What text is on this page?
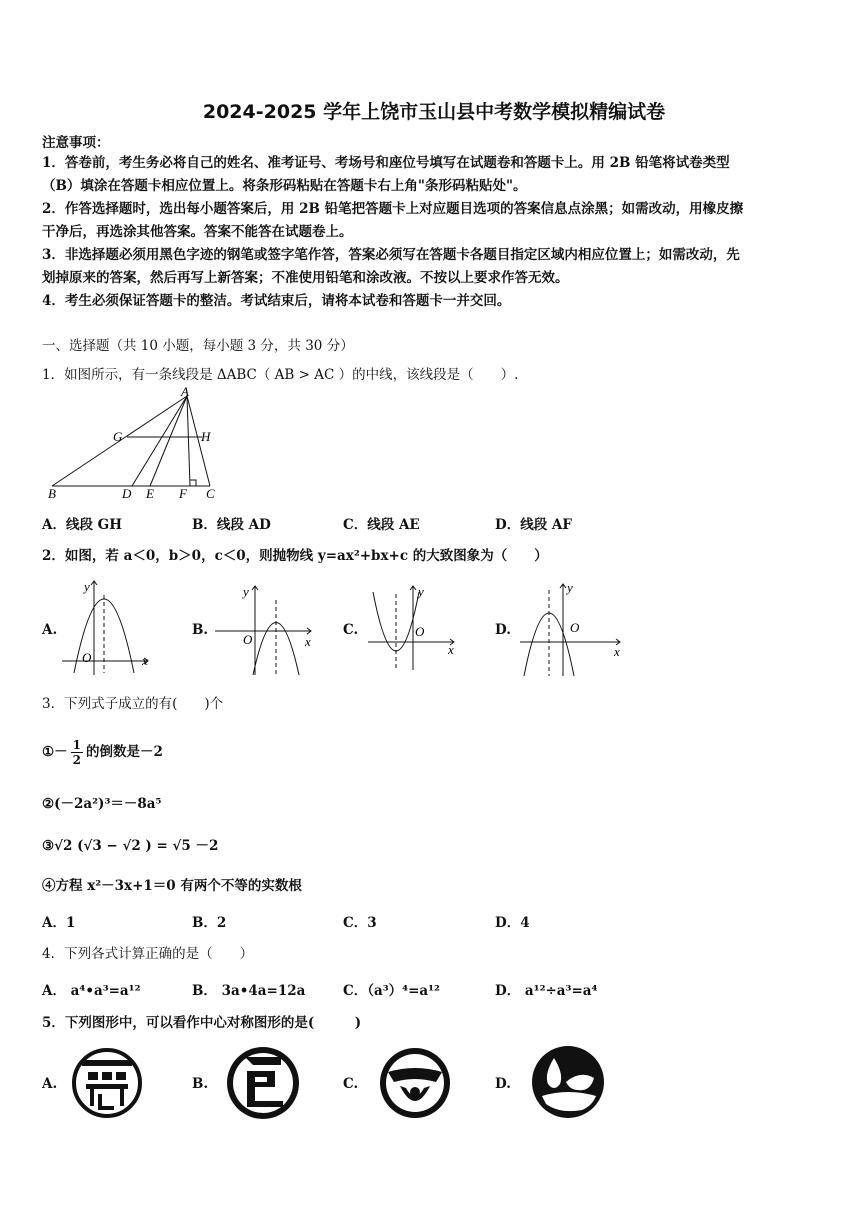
2024-2025 学年上饶市玉山县中考数学模拟精编试卷
注意事项：
1．答卷前，考生务必将自己的姓名、准考证号、考场号和座位号填写在试题卷和答题卡上。用 2B 铅笔将试卷类型
（B）填涂在答题卡相应位置上。将条形码粘贴在答题卡右上角"条形码粘贴处"。
2．作答选择题时，选出每小题答案后，用 2B 铅笔把答题卡上对应题目选项的答案信息点涂黑；如需改动，用橡皮擦
干净后，再选涂其他答案。答案不能答在试题卷上。
3．非选择题必须用黑色字迹的钢笔或签字笔作答，答案必须写在答题卡各题目指定区域内相应位置上；如需改动，先
划掉原来的答案，然后再写上新答案；不准使用铅笔和涂改液。不按以上要求作答无效。
4．考生必须保证答题卡的整洁。考试结束后，请将本试卷和答题卡一并交回。
一、选择题（共 10 小题，每小题 3 分，共 30 分）
1．如图所示，有一条线段是 ΔABC（ AB > AC ）的中线，该线段是（　　）.
A
G	H
B	D E F C
A．线段 GH	B．线段 AD	C．线段 AE	D．线段 AF
2．如图，若 a＜0，b＞0，c＜0，则抛物线 y=ax²+bx+c 的大致图象为（　　）
A.
y
O	x
B.
y
O	x
C.
y
O
x
D.
y
O
x
3．下列式子成立的有(　　)个
①－ $\frac{1}{2}$ 的倒数是－2
②(－2a²)³＝－8a⁵
③√2 (√3 − √2 ) = √5 －2
④方程 x²－3x+1＝0 有两个不等的实数根
A．1	B．2	C．3	D．4
4．下列各式计算正确的是（　　）
A． a⁴•a³=a¹²	B． 3a•4a=12a	C．（a³）⁴=a¹²	D． a¹²÷a³=a⁴
5．下列图形中，可以看作中心对称图形的是(　　　)
A.	B.	C.	D.
